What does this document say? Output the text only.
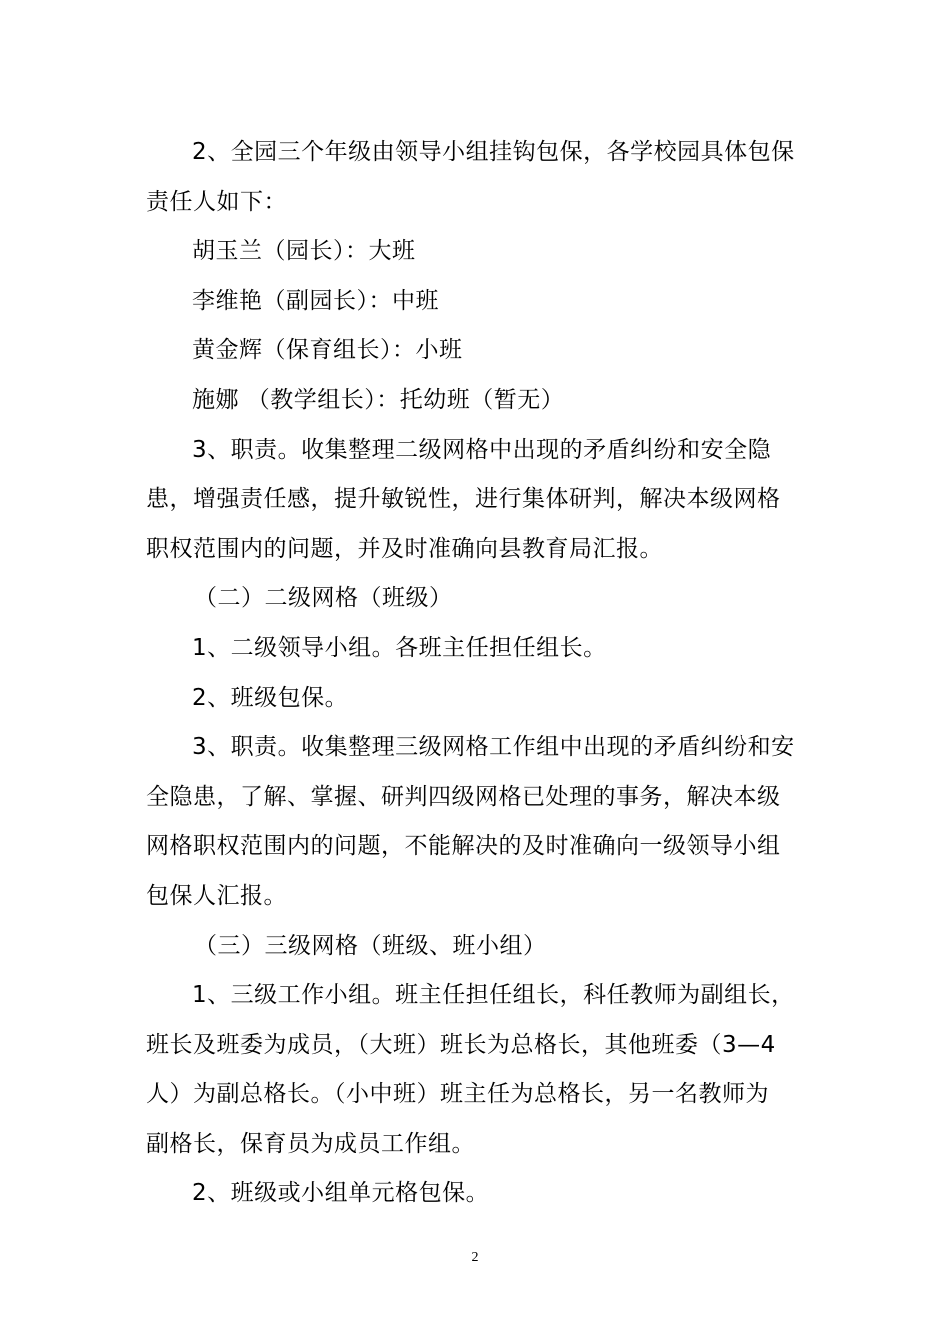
2、全园三个年级由领导小组挂钩包保，各学校园具体包保
责任人如下：
胡玉兰（园长）：大班
李维艳（副园长）：中班
黄金辉（保育组长）：小班
施娜 （教学组长）：托幼班（暂无）
3、职责。收集整理二级网格中出现的矛盾纠纷和安全隐
患，增强责任感，提升敏锐性，进行集体研判，解决本级网格
职权范围内的问题，并及时准确向县教育局汇报。
（二）二级网格（班级）
1、二级领导小组。各班主任担任组长。
2、班级包保。
3、职责。收集整理三级网格工作组中出现的矛盾纠纷和安
全隐患，了解、掌握、研判四级网格已处理的事务，解决本级
网格职权范围内的问题，不能解决的及时准确向一级领导小组
包保人汇报。
（三）三级网格（班级、班小组）
1、三级工作小组。班主任担任组长，科任教师为副组长，
班长及班委为成员，（大班）班长为总格长，其他班委（3—4
人）为副总格长。（小中班）班主任为总格长，另一名教师为
副格长，保育员为成员工作组。
2、班级或小组单元格包保。
2
